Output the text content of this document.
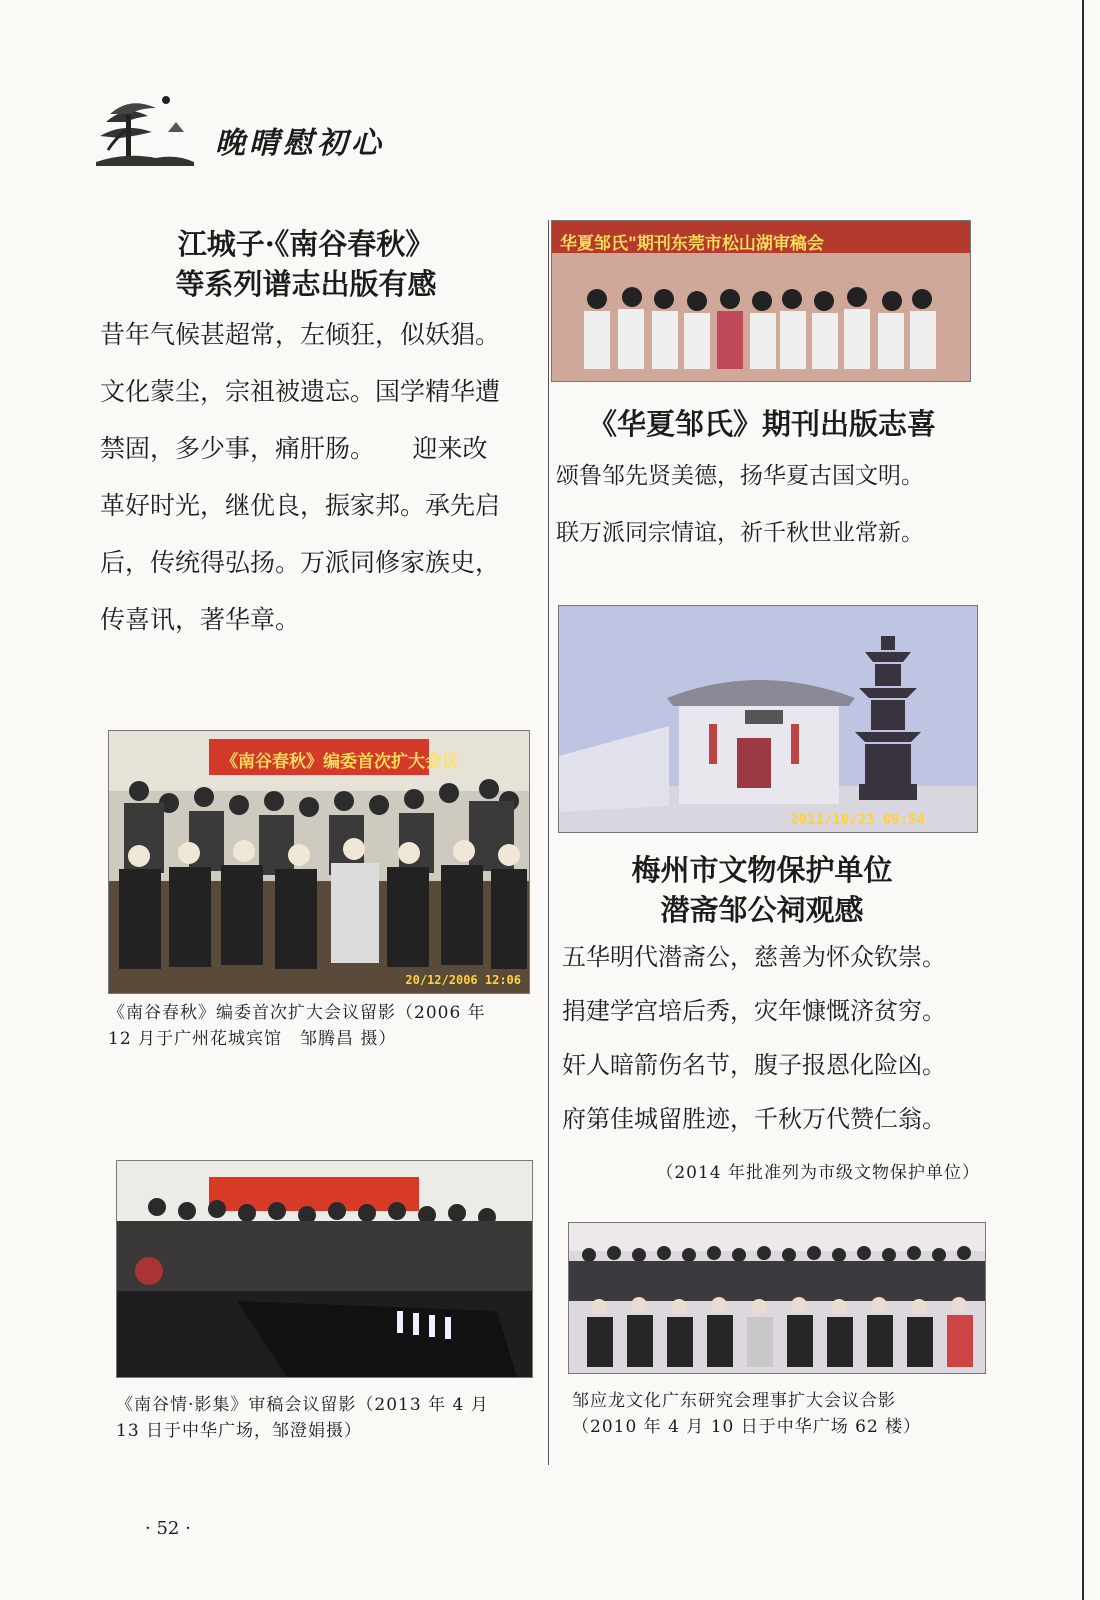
晚晴慰初心
江城子·《南谷春秋》
等系列谱志出版有感
昔年气候甚超常，左倾狂，似妖猖。
文化蒙尘，宗祖被遗忘。国学精华遭
禁固，多少事，痛肝肠。　　迎来改
革好时光，继优良，振家邦。承先启
后，传统得弘扬。万派同修家族史，
传喜讯，著华章。
《南谷春秋》编委首次扩大会议
20/12/2006 12:06
《南谷春秋》编委首次扩大会议留影（2006 年
12 月于广州花城宾馆　邹腾昌 摄）
《南谷情·影集》审稿会议留影（2013 年 4 月
13 日于中华广场，邹澄娟摄）
华夏邹氏"期刊东莞市松山湖审稿会
《华夏邹氏》期刊出版志喜
颂鲁邹先贤美德，扬华夏古国文明。
联万派同宗情谊，祈千秋世业常新。
2011/10/23 09:54
梅州市文物保护单位
潜斋邹公祠观感
五华明代潜斋公，慈善为怀众钦崇。
捐建学宫培后秀，灾年慷慨济贫穷。
奸人暗箭伤名节，腹子报恩化险凶。
府第佳城留胜迹，千秋万代赞仁翁。
（2014 年批准列为市级文物保护单位）
邹应龙文化广东研究会理事扩大会议合影
（2010 年 4 月 10 日于中华广场 62 楼）
· 52 ·
